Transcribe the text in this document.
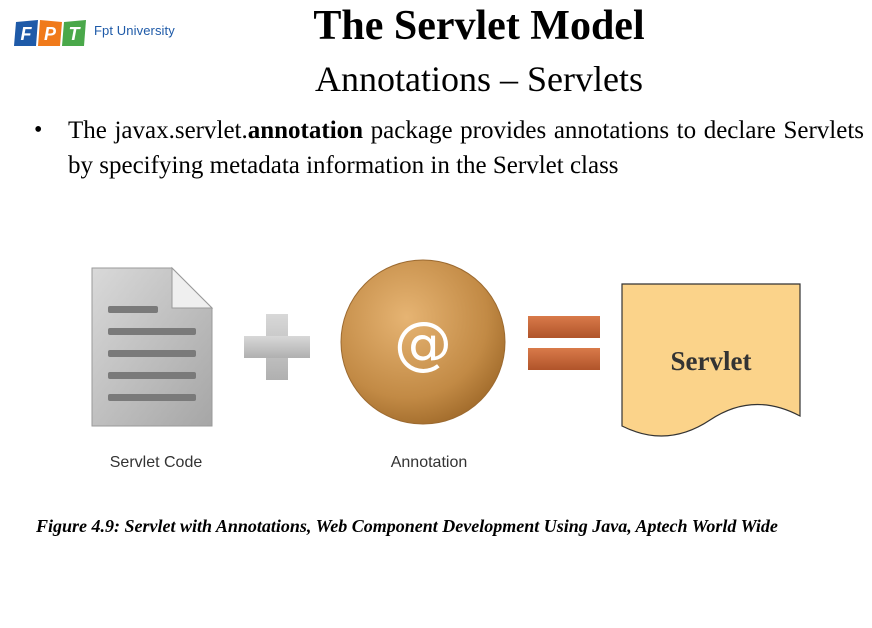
F P T Fpt University	The Servlet Model
Annotations – Servlets
• The javax.servlet.annotation package provides annotations to declare Servlets by specifying metadata information in the Servlet class
Servlet Code
@
Annotation
Servlet
Figure 4.9: Servlet with Annotations, Web Component Development Using Java, Aptech World Wide
